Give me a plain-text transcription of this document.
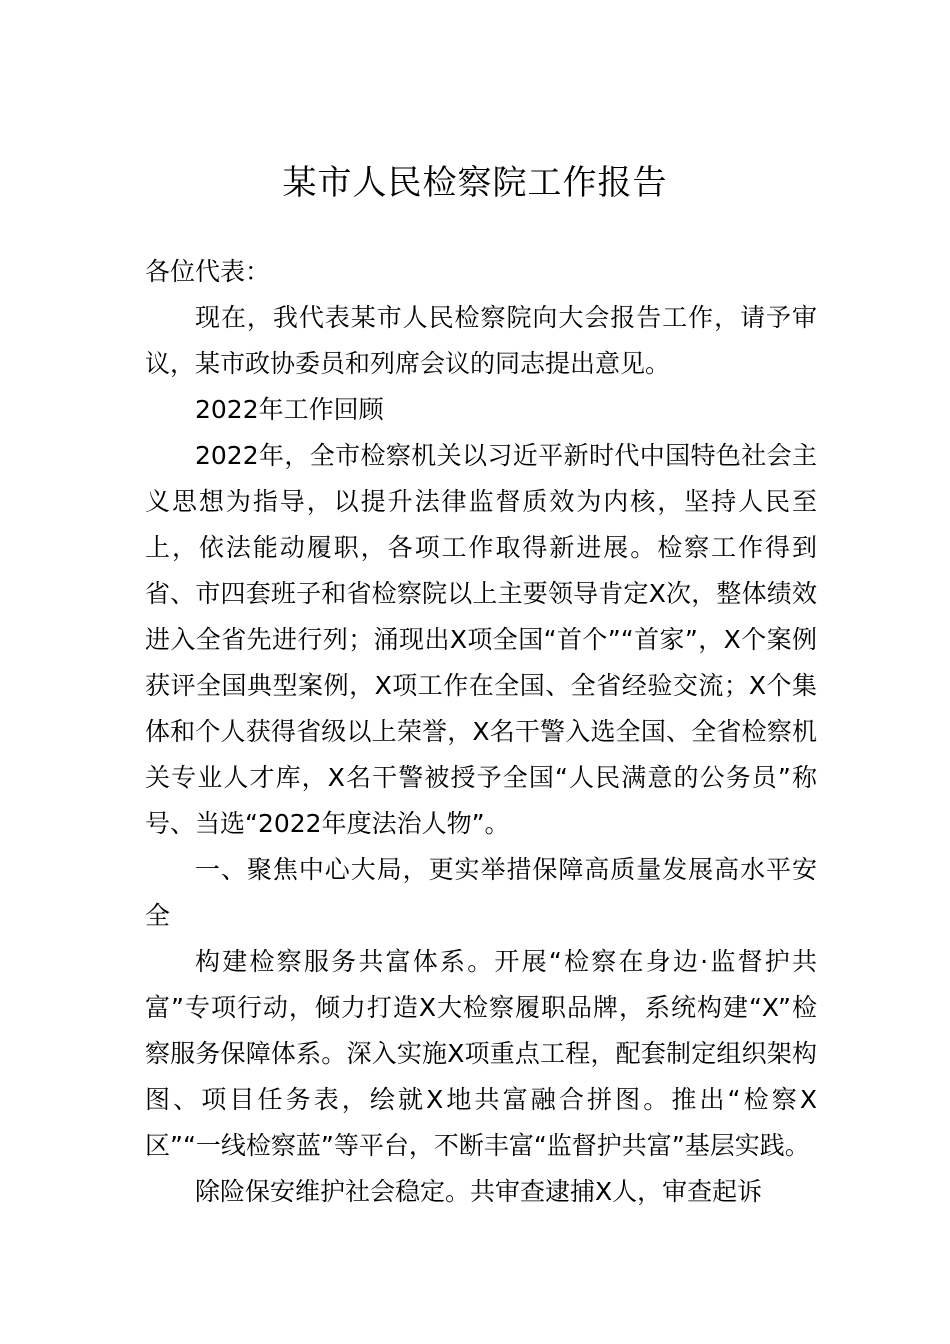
某市人民检察院工作报告

各位代表：

现在，我代表某市人民检察院向大会报告工作，请予审议，某市政协委员和列席会议的同志提出意见。

2022年工作回顾

2022年，全市检察机关以习近平新时代中国特色社会主义思想为指导，以提升法律监督质效为内核，坚持人民至上，依法能动履职，各项工作取得新进展。检察工作得到省、市四套班子和省检察院以上主要领导肯定X次，整体绩效进入全省先进行列；涌现出X项全国“首个”“首家”，X个案例获评全国典型案例，X项工作在全国、全省经验交流；X个集体和个人获得省级以上荣誉，X名干警入选全国、全省检察机关专业人才库，X名干警被授予全国“人民满意的公务员”称号、当选“2022年度法治人物”。

一、聚焦中心大局，更实举措保障高质量发展高水平安全

构建检察服务共富体系。开展“检察在身边·监督护共富”专项行动，倾力打造X大检察履职品牌，系统构建“X”检察服务保障体系。深入实施X项重点工程，配套制定组织架构图、项目任务表，绘就X地共富融合拼图。推出“检察X区”“一线检察蓝”等平台，不断丰富“监督护共富”基层实践。

除险保安维护社会稳定。共审查逮捕X人，审查起诉
